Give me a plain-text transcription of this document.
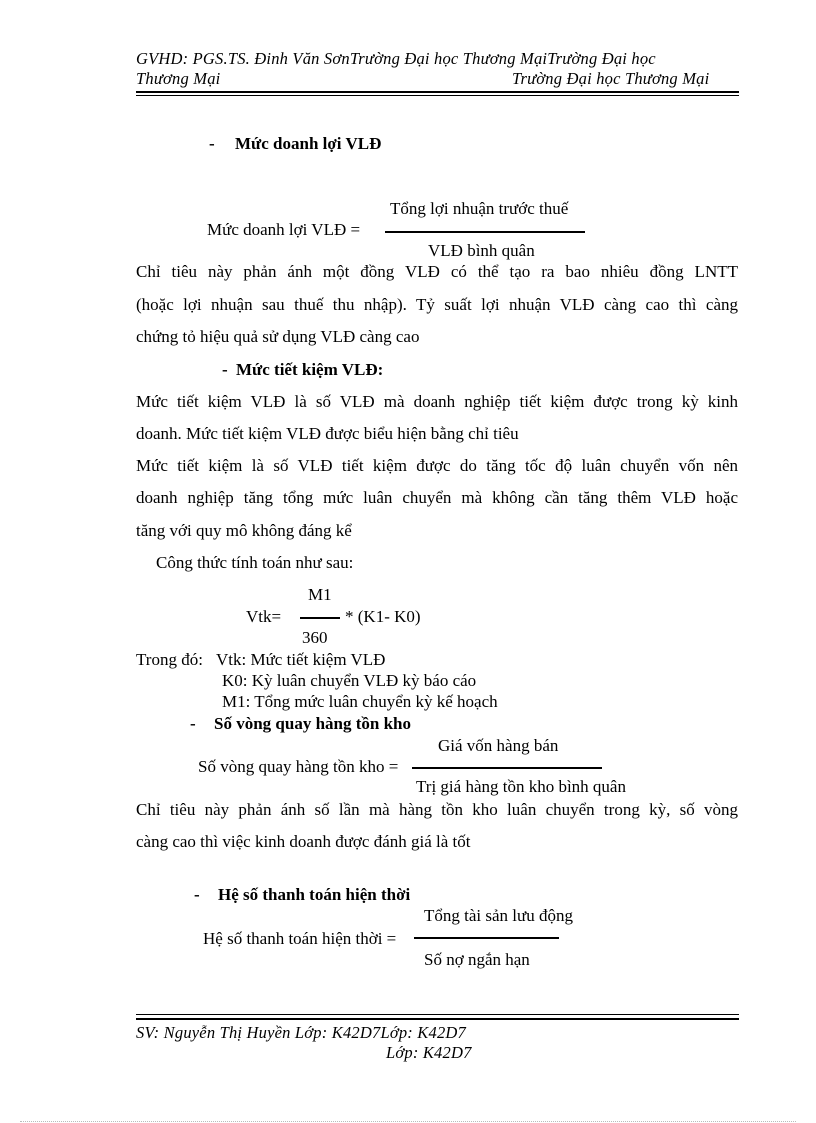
GVHD: PGS.TS. Đinh Văn SơnTrường Đại học Thương MạiTrường Đại học
Thương Mại	Trường Đại học Thương Mại
- Mức doanh lợi VLĐ
Tổng lợi nhuận trước thuế
Mức doanh lợi VLĐ =
VLĐ bình quân
Chỉ tiêu này phản ánh một đồng VLĐ có thể tạo ra bao nhiêu đồng LNTT
(hoặc lợi nhuận sau thuế thu nhập). Tỷ suất lợi nhuận VLĐ càng cao thì càng
chứng tỏ hiệu quả sử dụng VLĐ càng cao
- Mức tiết kiệm VLĐ:
Mức tiết kiệm VLĐ là số VLĐ mà doanh nghiệp tiết kiệm được trong kỳ kinh
doanh. Mức tiết kiệm VLĐ được biểu hiện bằng chỉ tiêu
Mức tiết kiệm là số VLĐ tiết kiệm được do tăng tốc độ luân chuyển vốn nên
doanh nghiệp tăng tổng mức luân chuyển mà không cần tăng thêm VLĐ hoặc
tăng với quy mô không đáng kể
Công thức tính toán như sau:
M1
Vtk=	* (K1- K0)
360
Trong đó: Vtk: Mức tiết kiệm VLĐ
K0: Kỳ luân chuyển VLĐ kỳ báo cáo
M1: Tổng mức luân chuyển kỳ kế hoạch
- Số vòng quay hàng tồn kho
Giá vốn hàng bán
Số vòng quay hàng tồn kho =
Trị giá hàng tồn kho bình quân
Chỉ tiêu này phản ánh số lần mà hàng tồn kho luân chuyển trong kỳ, số vòng
càng cao thì việc kinh doanh được đánh giá là tốt
- Hệ số thanh toán hiện thời
Tổng tài sản lưu động
Hệ số thanh toán hiện thời =
Số nợ ngắn hạn
SV: Nguyễn Thị Huyền Lớp: K42D7Lớp: K42D7
Lớp: K42D7
